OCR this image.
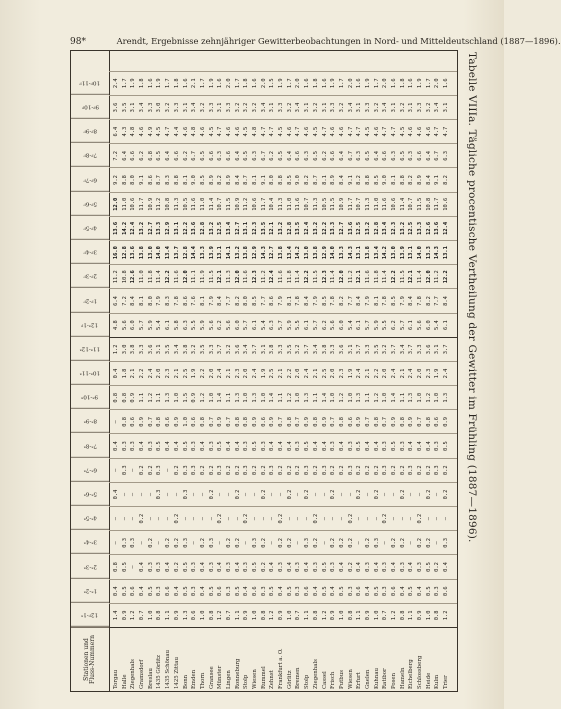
98*	Arendt, Ergebnisse zehnjähriger Gewitterbeobachtungen in Nord- und Mitteldeutschland (1887—1896).
Stationen und Fluss-Nummern
12ᵖ-1ᵃ
1ᵃ-2ᵃ
2ᵃ-3ᵃ
3ᵃ-4ᵃ
4ᵃ-5ᵃ
5ᵃ-6ᵃ
6ᵃ-7ᵃ
7ᵃ-8ᵃ
8ᵃ-9ᵃ
9ᵃ-10ᵃ
10ᵃ-11ᵃ
11ᵃ-12ᵃ
12ᵃ-1ᵖ
1ᵖ-2ᵖ
2ᵖ-3ᵖ
3ᵖ-4ᵖ
4ᵖ-5ᵖ
5ᵖ-6ᵖ
6ᵖ-7ᵖ
7ᵖ-8ᵖ
8ᵖ-9ᵖ
9ᵖ-10ᵖ
10ᵖ-11ᵖ
Torgau Halle Ziegenhals Gramsdorf Breslau 1435 Görlitz 1435 Schönau 1425 Zittau Bonn Emden Thorn Gransee Münster Lingen Ronneburg Stolp Wiesen Rummel Zehnst Frankfurt a. O. Görlitz Bremen Stolp Ziegenhals Cassel Frisch Putbus Wiesen Erfurt Gnelen Kuhnau Ratibor Posen Hameln Eichelberg Schlossberg Heide Kulm Trier
1.4 0.9 1.2 0.7 1.0 0.8 1.1 0.9 1.3 0.6 1.0 0.8 1.2 0.7 1.1 0.9 1.0 0.8 1.2 0.9 1.0 0.7 1.1 0.8 1.2 0.9 1.0 0.8 1.1 0.9 1.0 0.7 1.2 0.8 1.1 0.9 1.0 0.8 1.2
0.4 0.5 0.6 0.4 0.5 0.3 0.6 0.4 0.5 0.3 0.4 0.5 0.6 0.3 0.5 0.4 0.6 0.3 0.5 0.4 0.5 0.3 0.6 0.4 0.5 0.4 0.5 0.3 0.6 0.4 0.5 0.3 0.6 0.4 0.5 0.4 0.5 0.3 0.6
0.8 0.5 — 0.4 0.3 0.3 0.4 0.2 0.5 0.3 0.4 0.3 0.4 0.3 0.4 0.3 0.5 0.2 0.4 0.3 0.4 0.3 0.4 0.3 0.5 0.3 0.4 0.2 0.4 0.3 0.4 0.3 0.4 0.3 0.4 0.3 0.5 0.2 0.4
— 0.3 0.3 — 0.2 — 0.2 0.2 0.3 — 0.2 0.3 — 0.2 0.2 — 0.3 0.2 — 0.2 0.2 — 0.3 0.2 — 0.2 0.2 0.2 — 0.2 0.3 — 0.2 0.2 — 0.2 0.2 — 0.3
— — — 0.2 — — — 0.2 — — — — 0.2 — — 0.2 — — — 0.2 — — — 0.2 — — — 0.2 — — — 0.2 — — — 0.2 — — —
0.4 — — — — 0.3 — — 0.3 — — 0.2 — — 0.2 — — 0.2 — — 0.2 — 0.2 — — 0.2 — — 0.2 — 0.2 — — 0.2 — — 0.2 — 0.2
— 0.3 — 0.2 0.2 0.3 — 0.2 0.3 0.3 0.2 0.2 0.3 0.2 0.2 0.3 0.2 0.2 0.3 0.2 0.2 0.2 0.3 0.2 0.3 0.2 0.2 0.3 0.2 0.2 0.2 0.3 0.2 0.2 0.3 0.2 0.2 0.3 0.2
0.4 0.3 0.3 0.4 0.3 0.5 0.4 0.4 0.5 0.3 0.4 0.3 0.5 0.4 0.4 0.3 0.5 0.3 0.4 0.4 0.4 0.3 0.5 0.4 0.4 0.3 0.4 0.3 0.5 0.4 0.4 0.3 0.5 0.3 0.4 0.4 0.4 0.3 0.5
— 0.8 0.6 0.9 0.7 0.8 0.6 0.9 1.0 0.6 0.8 0.7 0.9 0.7 0.8 0.8 0.9 0.6 0.9 0.7 0.8 0.7 0.9 0.8 0.9 0.7 0.8 0.6 0.9 0.7 0.8 0.7 0.9 0.8 0.9 0.7 0.8 0.6 0.9
0.8 0.8 0.9 1.1 1.2 1.1 1.3 1.0 1.5 0.9 1.2 1.0 1.4 1.1 1.3 1.0 1.3 1.0 1.4 1.1 1.2 1.0 1.3 1.1 1.4 1.0 1.2 1.0 1.3 1.1 1.2 1.0 1.4 1.1 1.3 1.0 1.2 1.0 1.3
0.4 1.8 2.1 2.2 2.4 2.0 2.3 2.1 2.5 1.9 2.2 2.0 2.4 2.1 2.3 2.0 2.4 1.9 2.5 2.1 2.2 2.0 2.4 2.1 2.5 2.0 2.3 1.9 2.4 2.1 2.2 2.0 2.4 2.1 2.4 2.0 2.3 1.9 2.4
1.2 3.0 3.8 3.3 3.6 3.1 3.5 3.4 3.8 3.2 3.5 3.3 3.7 3.2 3.6 3.4 3.7 3.1 3.8 3.3 3.5 3.2 3.7 3.4 3.8 3.3 3.6 3.1 3.7 3.3 3.5 3.2 3.7 3.4 3.7 3.3 3.6 3.1 3.7
4.8 5.6 6.0 5.7 5.9 5.4 6.1 5.8 6.3 5.5 5.9 5.6 6.2 5.6 6.0 5.7 6.1 5.4 6.3 5.7 5.9 5.5 6.1 5.7 6.2 5.6 6.0 5.4 6.1 5.7 5.9 5.5 6.2 5.7 6.1 5.6 6.0 5.4 6.1
6.4 7.2 8.4 8.1 8.0 7.9 8.3 7.8 8.6 7.6 8.1 7.9 8.4 7.7 8.2 8.0 8.5 7.7 8.6 7.9 8.1 7.8 8.4 7.9 8.5 7.8 8.2 7.7 8.4 7.9 8.1 7.8 8.5 7.9 8.4 7.8 8.2 7.7 8.4
11.2 10.8 12.6 11.0 11.8 11.4 12.2 11.6 12.0 11.1 11.9 11.5 12.1 11.3 12.0 11.6 12.3 11.2 12.4 11.6 11.8 11.4 12.2 11.5 12.3 11.4 12.0 11.2 12.1 11.6 11.8 11.4 12.2 11.5 12.1 11.4 12.0 11.2 12.2
16.0 12.8 13.6 13.8 13.0 14.0 13.4 13.7 12.8 14.4 13.3 13.9 13.1 14.1 13.2 13.8 12.9 14.3 12.7 13.8 13.4 14.2 13.0 13.8 12.9 14.0 13.3 14.3 13.1 13.8 13.4 14.2 13.0 13.9 13.1 14.0 13.3 14.3 13.1
13.6 14.2 12.4 13.2 12.7 13.3 12.9 13.1 12.2 13.6 12.8 13.2 12.5 13.4 12.7 13.1 12.3 13.5 12.1 13.2 12.8 13.5 12.4 13.2 12.2 13.3 12.7 13.6 12.5 13.2 12.8 13.4 12.3 13.2 12.5 13.3 12.6 13.6 12.4
12.0 11.0 10.6 11.7 10.9 11.2 10.8 11.3 10.5 11.6 11.0 11.4 10.7 11.5 10.9 11.2 10.6 11.7 10.4 11.3 11.0 11.6 10.7 11.3 10.5 11.5 10.9 11.7 10.7 11.3 11.0 11.6 10.6 11.4 10.7 11.5 10.8 11.7 10.6
9.2 8.8 8.0 9.1 8.6 8.7 8.3 8.8 8.1 9.0 8.5 8.9 8.2 8.9 8.4 8.7 8.1 9.1 8.0 8.8 8.5 9.0 8.2 8.7 8.1 8.9 8.4 9.1 8.2 8.8 8.5 9.0 8.1 8.8 8.2 8.9 8.4 9.1 8.2
7.2 6.4 6.6 6.2 6.8 6.5 6.4 6.6 6.2 6.7 6.5 6.6 6.3 6.6 6.4 6.5 6.3 6.7 6.2 6.5 6.4 6.6 6.3 6.5 6.2 6.6 6.4 6.7 6.3 6.5 6.4 6.6 6.3 6.5 6.3 6.6 6.4 6.7 6.3
6.4 4.3 4.8 4.6 4.9 4.5 4.7 4.4 4.6 4.8 4.6 4.5 4.7 4.6 4.6 4.5 4.8 4.7 4.7 4.5 4.6 4.7 4.6 4.5 4.7 4.6 4.6 4.7 4.7 4.5 4.6 4.7 4.7 4.5 4.6 4.6 4.6 4.7 4.7
3.6 3.5 3.1 3.4 3.3 3.0 3.2 3.3 3.1 3.4 3.2 3.3 3.1 3.3 3.2 3.2 3.2 3.4 3.1 3.3 3.2 3.4 3.1 3.2 3.1 3.3 3.2 3.4 3.1 3.3 3.2 3.4 3.1 3.2 3.1 3.3 3.2 3.4 3.1
2.4 1.7 1.9 1.8 1.6 1.9 1.7 1.8 1.6 2.1 1.7 1.9 1.6 2.0 1.7 1.8 1.6 2.0 1.5 1.9 1.7 2.0 1.6 1.8 1.6 1.9 1.7 2.0 1.6 1.9 1.7 2.0 1.6 1.8 1.6 1.9 1.7 2.0 1.6 Tabelle VIIIa. Tägliche procentische Vertheilung der Gewitter im Frühling (1887—1896).
